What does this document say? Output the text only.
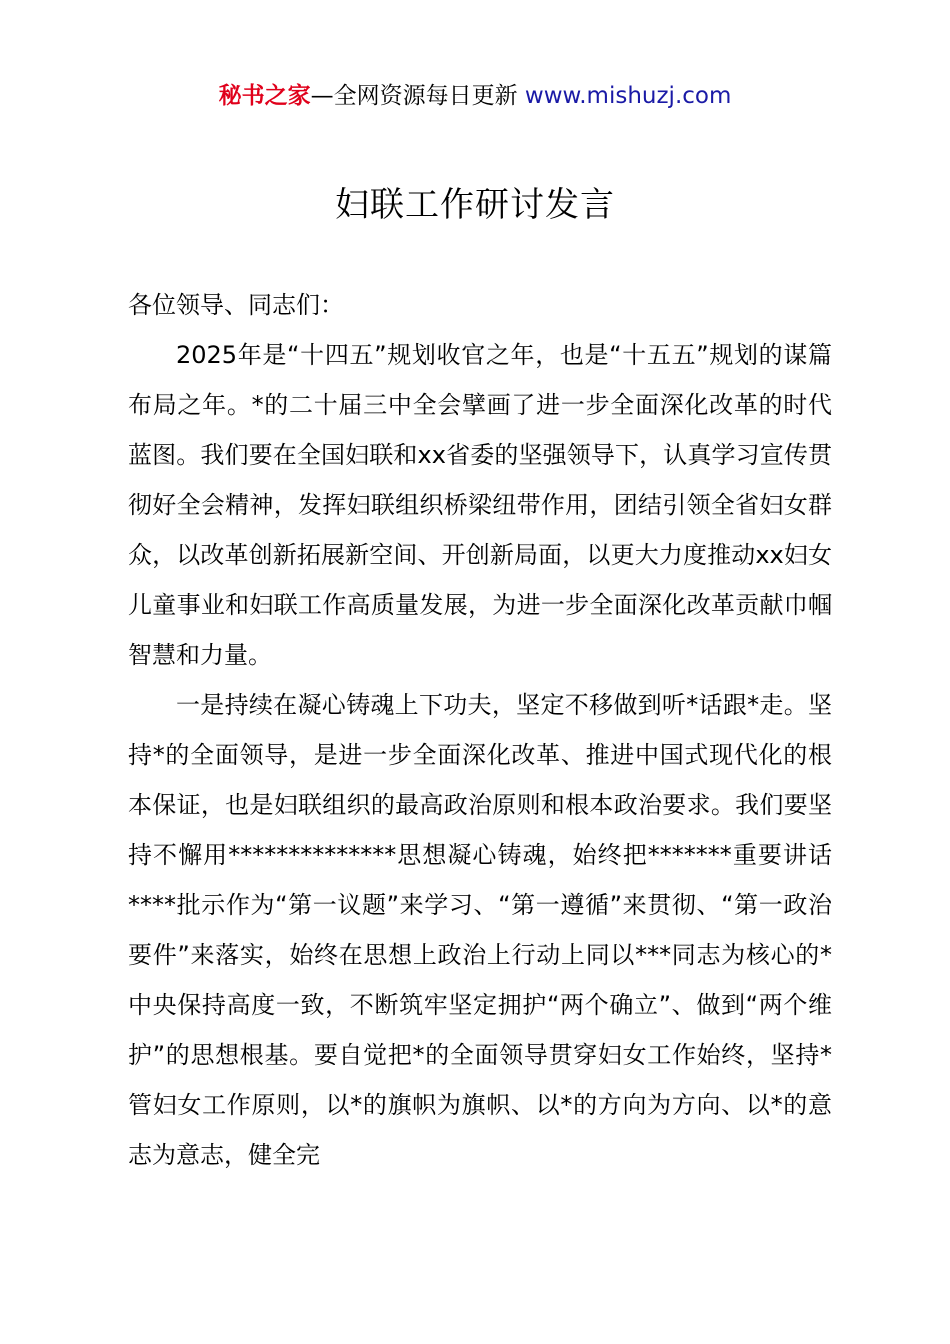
秘书之家—全网资源每日更新 www.mishuzj.com
妇联工作研讨发言

各位领导、同志们：

2025年是“十四五”规划收官之年，也是“十五五”规划的谋篇布局之年。*的二十届三中全会擘画了进一步全面深化改革的时代蓝图。我们要在全国妇联和xx省委的坚强领导下，认真学习宣传贯彻好全会精神，发挥妇联组织桥梁纽带作用，团结引领全省妇女群众，以改革创新拓展新空间、开创新局面，以更大力度推动xx妇女儿童事业和妇联工作高质量发展，为进一步全面深化改革贡献巾帼智慧和力量。

一是持续在凝心铸魂上下功夫，坚定不移做到听*话跟*走。坚持*的全面领导，是进一步全面深化改革、推进中国式现代化的根本保证，也是妇联组织的最高政治原则和根本政治要求。我们要坚持不懈用**************思想凝心铸魂，始终把*******重要讲话****批示作为“第一议题”来学习、“第一遵循”来贯彻、“第一政治要件”来落实，始终在思想上政治上行动上同以***同志为核心的*中央保持高度一致，不断筑牢坚定拥护“两个确立”、做到“两个维护”的思想根基。要自觉把*的全面领导贯穿妇女工作始终，坚持*管妇女工作原则，以*的旗帜为旗帜、以*的方向为方向、以*的意志为意志，健全完
